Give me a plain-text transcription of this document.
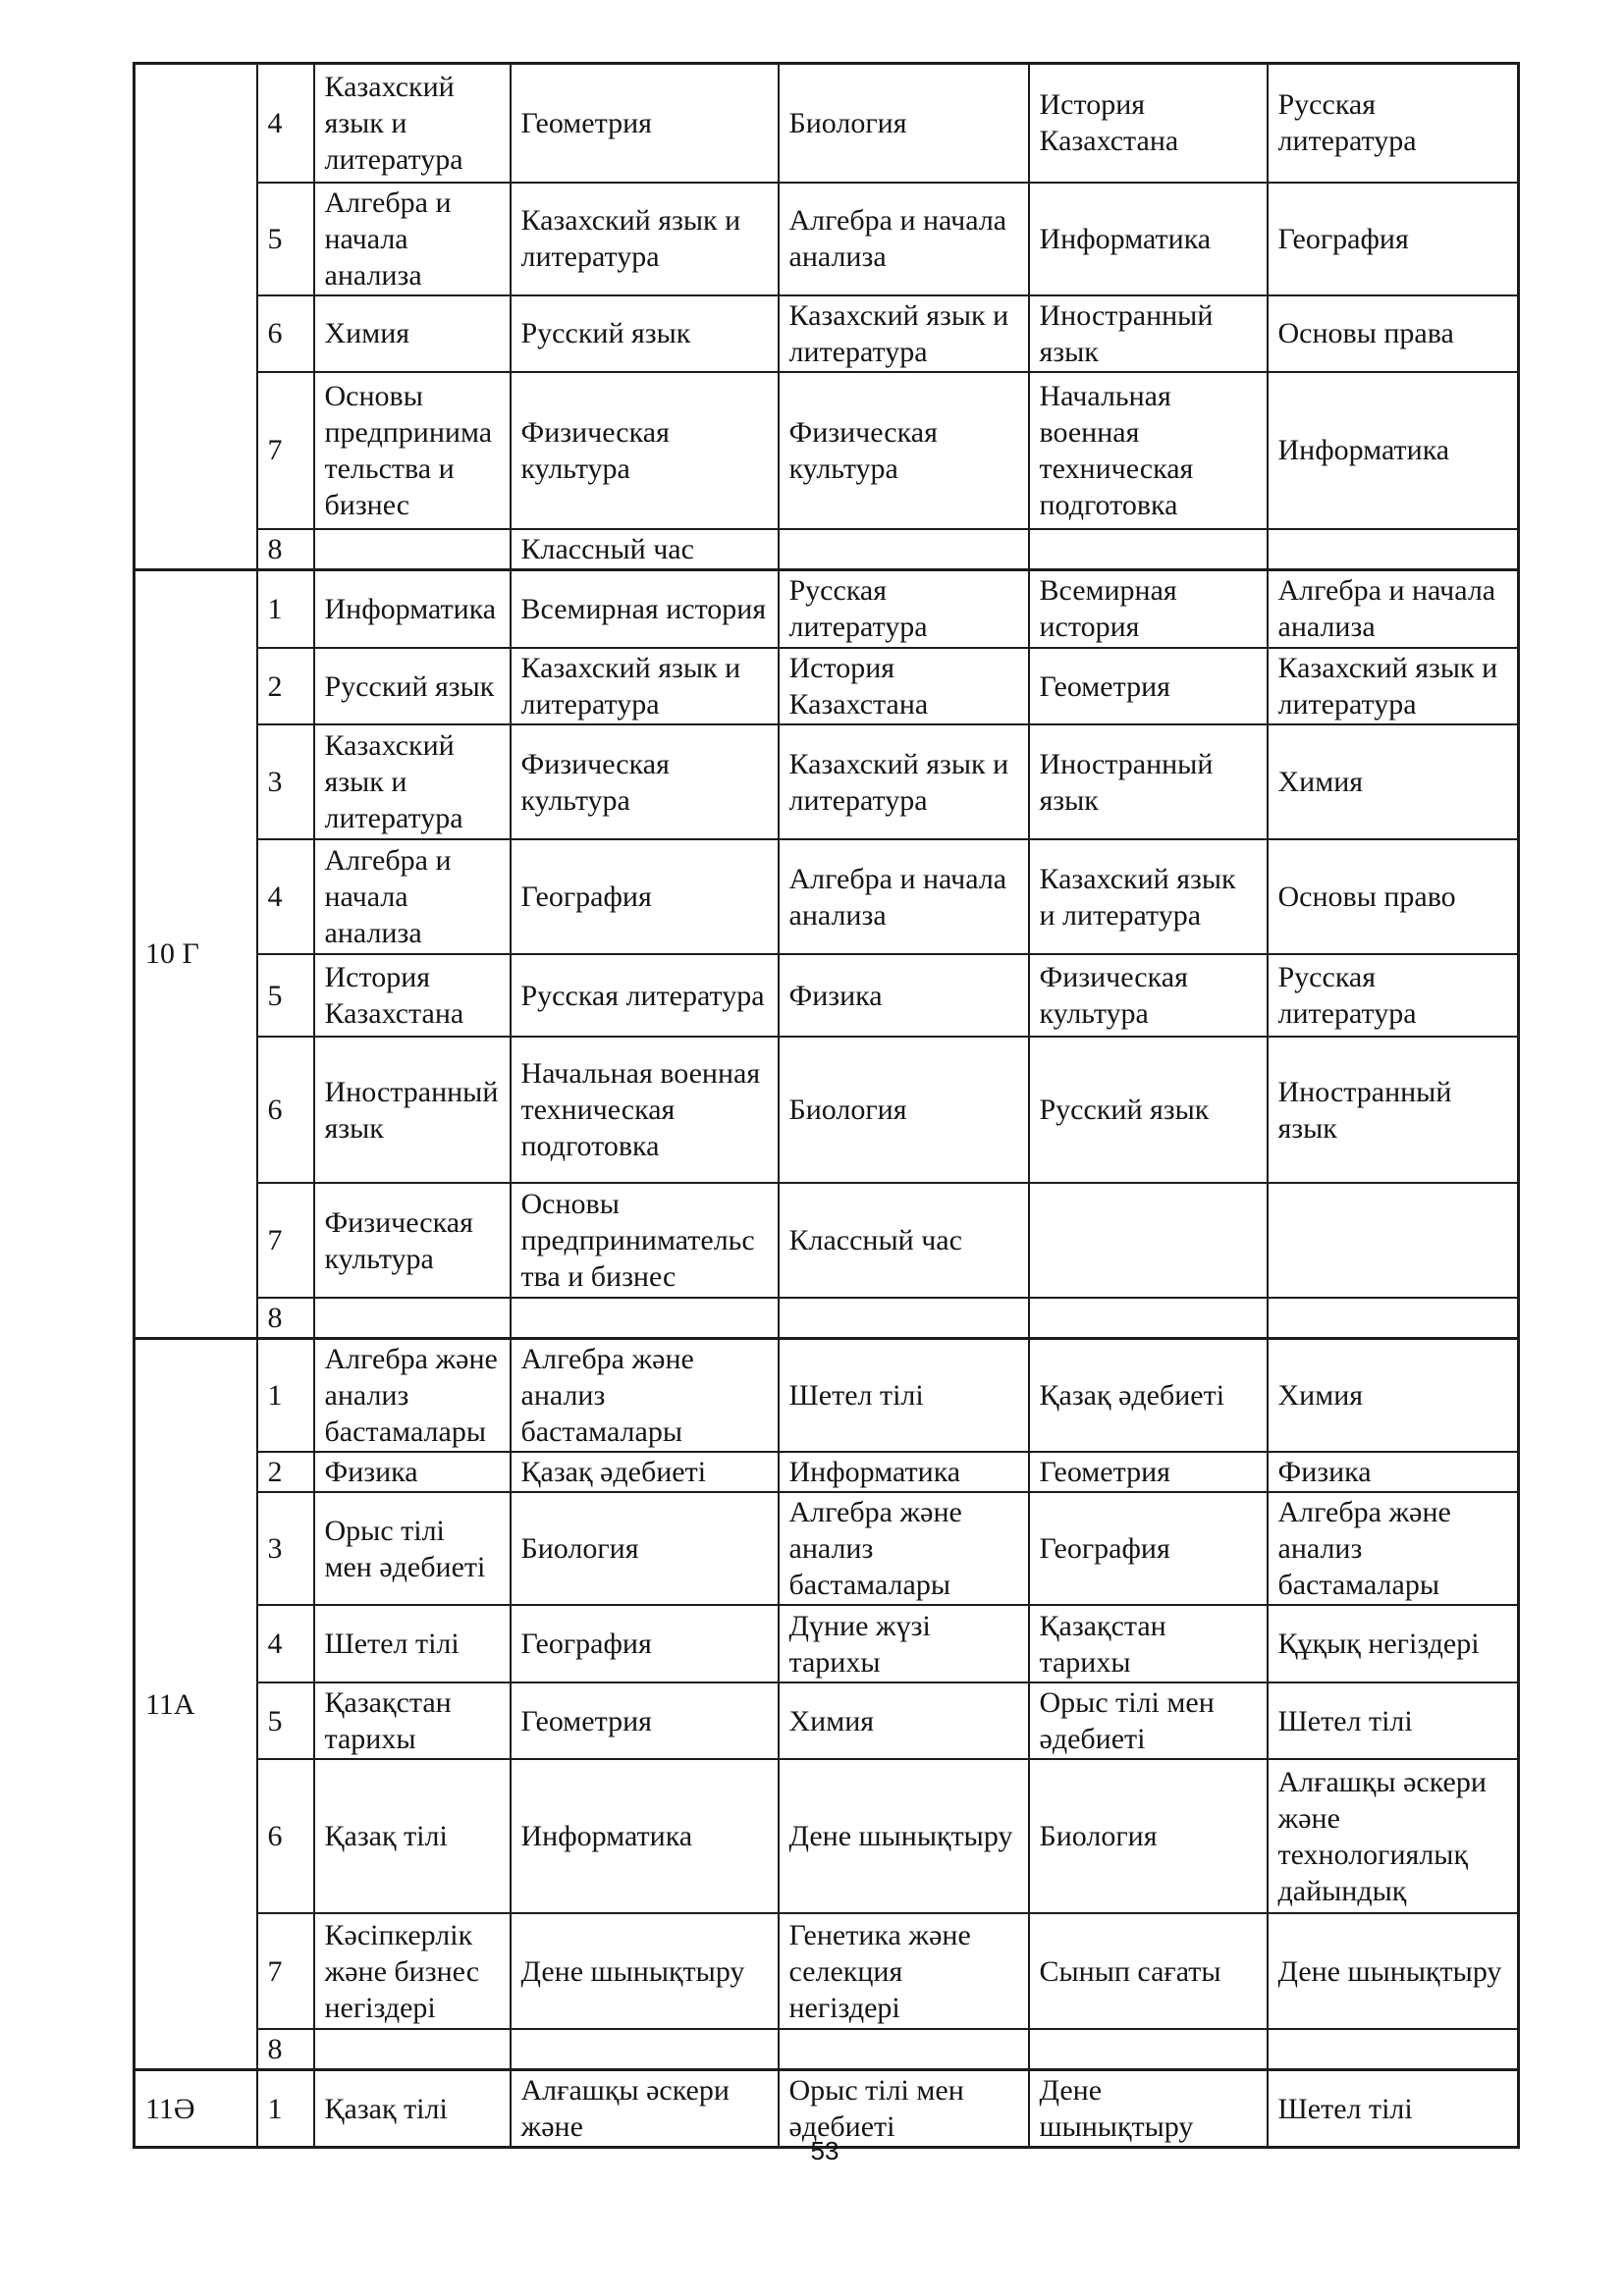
	4	Казахский язык и литература	Геометрия	Биология	История Казахстана	Русская литература
	5	Алгебра и начала анализа	Казахский язык и литература	Алгебра и начала анализа	Информатика	География
	6	Химия	Русский язык	Казахский язык и литература	Иностранный язык	Основы права
	7	Основы предпринимательства и бизнес	Физическая культура	Физическая культура	Начальная военная техническая подготовка	Информатика
	8		Классный час			
10 Г	1	Информатика	Всемирная история	Русская литература	Всемирная история	Алгебра и начала анализа
	2	Русский язык	Казахский язык и литература	История Казахстана	Геометрия	Казахский язык и литература
	3	Казахский язык и литература	Физическая культура	Казахский язык и литература	Иностранный язык	Химия
	4	Алгебра и начала анализа	География	Алгебра и начала анализа	Казахский язык и литература	Основы право
	5	История Казахстана	Русская литература	Физика	Физическая культура	Русская литература
	6	Иностранный язык	Начальная военная техническая подготовка	Биология	Русский язык	Иностранный язык
	7	Физическая культура	Основы предпринимательства и бизнес	Классный час		
	8					
11А	1	Алгебра және анализ бастамалары	Алгебра және анализ бастамалары	Шетел тілі	Қазақ әдебиеті	Химия
	2	Физика	Қазақ әдебиеті	Информатика	Геометрия	Физика
	3	Орыс тілі мен әдебиеті	Биология	Алгебра және анализ бастамалары	География	Алгебра және анализ бастамалары
	4	Шетел тілі	География	Дүние жүзі тарихы	Қазақстан тарихы	Құқық негіздері
	5	Қазақстан тарихы	Геометрия	Химия	Орыс тілі мен әдебиеті	Шетел тілі
	6	Қазақ тілі	Информатика	Дене шынықтыру	Биология	Алғашқы әскери және технологиялық дайындық
	7	Кәсіпкерлік және бизнес негіздері	Дене шынықтыру	Генетика және селекция негіздері	Сынып сағаты	Дене шынықтыру
	8					
11Ә	1	Қазақ тілі	Алғашқы әскери және	Орыс тілі мен әдебиеті	Дене шынықтыру	Шетел тілі
53
